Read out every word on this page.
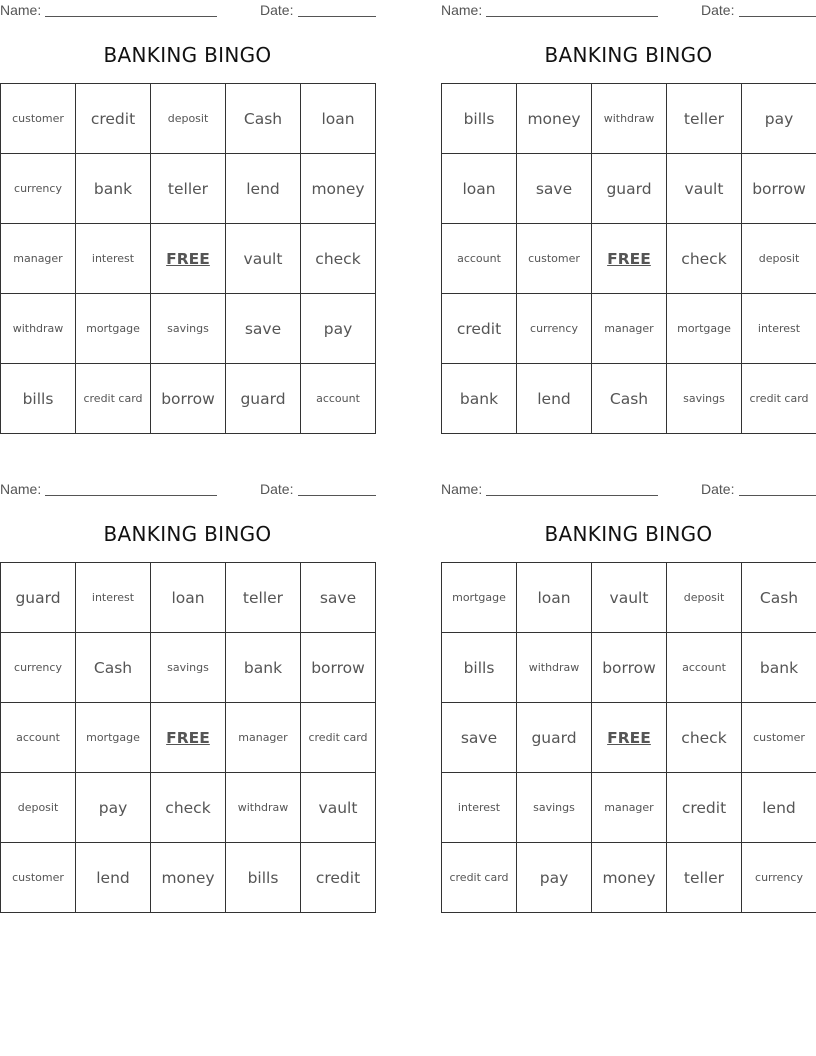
Name:	Date:
BANKING BINGO
customer	credit	deposit	Cash	loan
currency	bank	teller	lend	money
manager	interest	FREE	vault	check
withdraw	mortgage	savings	save	pay
bills	credit card	borrow	guard	account
Name:	Date:
BANKING BINGO
bills	money	withdraw	teller	pay
loan	save	guard	vault	borrow
account	customer	FREE	check	deposit
credit	currency	manager	mortgage	interest
bank	lend	Cash	savings	credit card
Name:	Date:
BANKING BINGO
guard	interest	loan	teller	save
currency	Cash	savings	bank	borrow
account	mortgage	FREE	manager	credit card
deposit	pay	check	withdraw	vault
customer	lend	money	bills	credit
Name:	Date:
BANKING BINGO
mortgage	loan	vault	deposit	Cash
bills	withdraw	borrow	account	bank
save	guard	FREE	check	customer
interest	savings	manager	credit	lend
credit card	pay	money	teller	currency
